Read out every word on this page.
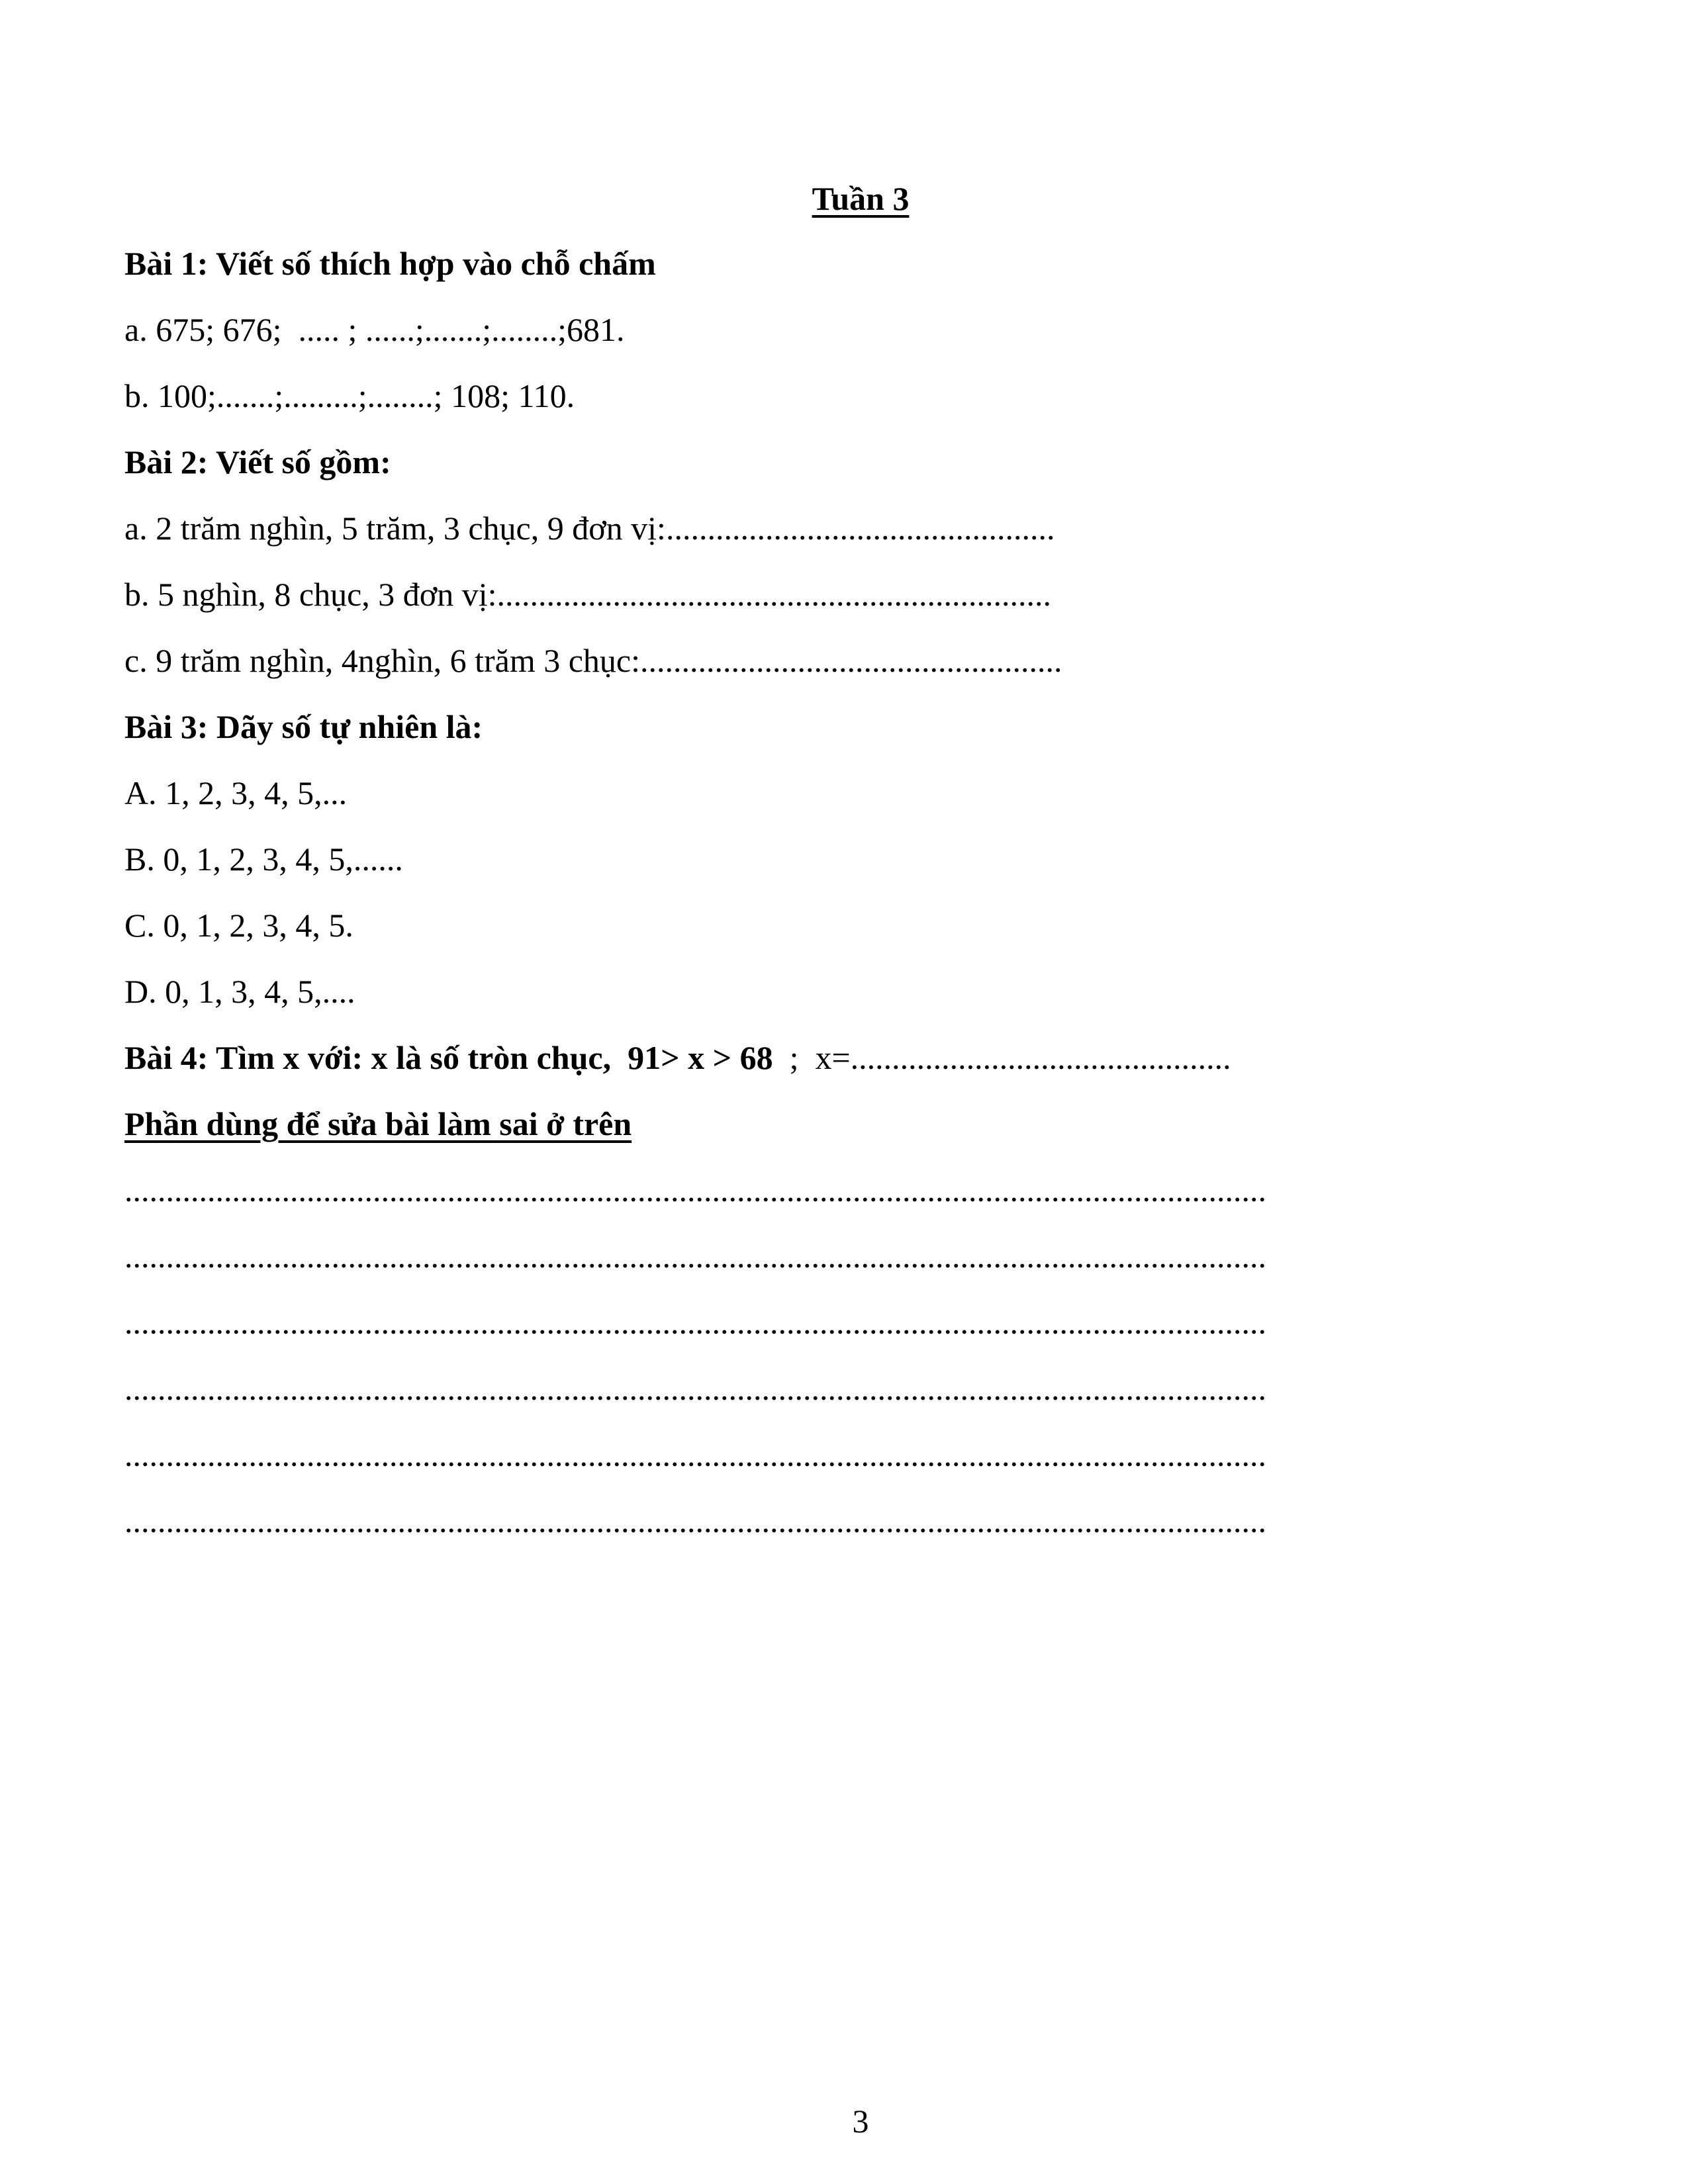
Tuần 3
Bài 1: Viết số thích hợp vào chỗ chấm
a. 675; 676;  ..... ; ......;.......;........;681.
b. 100;.......;.........;........; 108; 110.
Bài 2: Viết số gồm:
a. 2 trăm nghìn, 5 trăm, 3 chục, 9 đơn vị:...............................................
b. 5 nghìn, 8 chục, 3 đơn vị:...................................................................
c. 9 trăm nghìn, 4nghìn, 6 trăm 3 chục:...................................................
Bài 3: Dãy số tự nhiên là:
A. 1, 2, 3, 4, 5,...
B. 0, 1, 2, 3, 4, 5,......
C. 0, 1, 2, 3, 4, 5.
D. 0, 1, 3, 4, 5,....
Bài 4: Tìm x với: x là số tròn chục,  91> x > 68  ;  x=..............................................
Phần dùng để sửa bài làm sai ở trên
..........................................................................................................................................
..........................................................................................................................................
..........................................................................................................................................
..........................................................................................................................................
..........................................................................................................................................
..........................................................................................................................................
3
